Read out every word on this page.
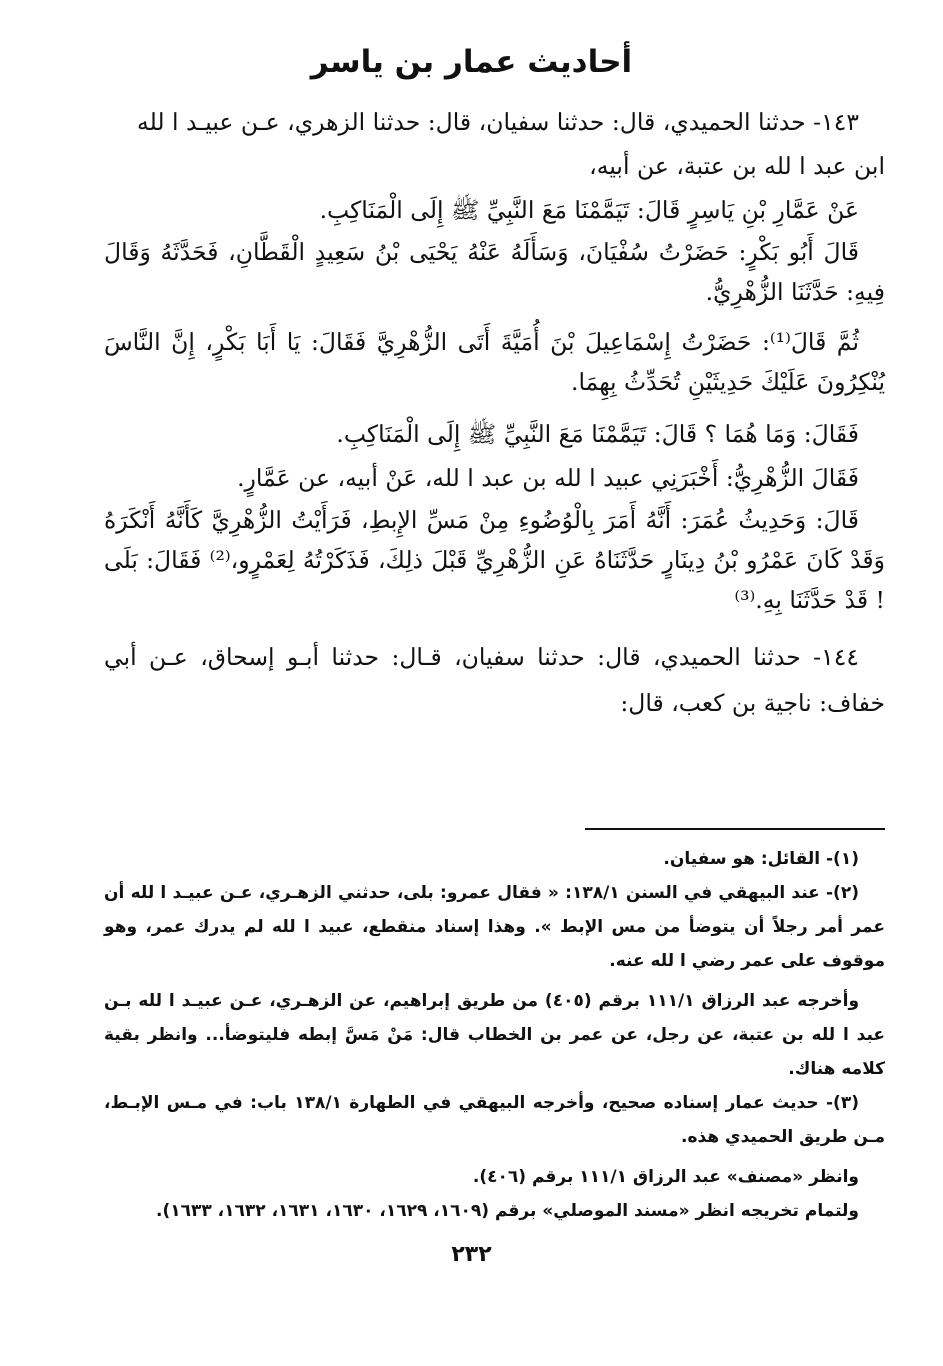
أحاديث عمار بن ياسر

١٤٣- حدثنا الحميدي، قال: حدثنا سفيان، قال: حدثنا الزهري، عـن عبيـد ا لله

ابن عبد ا لله بن عتبة، عن أبيه،

عَنْ عَمَّارِ بْنِ يَاسِرٍ قَالَ: تَيَمَّمْنَا مَعَ النَّبِيِّ ﷺ إِلَى الْمَنَاكِبِ.

قَالَ أَبُو بَكْرٍ: حَضَرْتُ سُفْيَانَ، وَسَأَلَهُ عَنْهُ يَحْيَى بْنُ سَعِيدٍ الْقَطَّانِ، فَحَدَّثَهُ وَقَالَ فِيهِ: حَدَّثَنَا الزُّهْرِيُّ.

ثُمَّ قَالَ⁽¹⁾: حَضَرْتُ إِسْمَاعِيلَ بْنَ أُمَيَّةَ أَتَى الزُّهْرِيَّ فَقَالَ: يَا أَبَا بَكْرٍ، إِنَّ النَّاسَ يُنْكِرُونَ عَلَيْكَ حَدِيثَيْنِ تُحَدِّثُ بِهِمَا.

فَقَالَ: وَمَا هُمَا ؟ قَالَ: تَيَمَّمْنَا مَعَ النَّبِيِّ ﷺ إِلَى الْمَنَاكِبِ.

فَقَالَ الزُّهْرِيُّ: أَخْبَرَنِي عبيد ا لله بن عبد ا لله، عَنْ أبيه، عن عَمَّارٍ.

قَالَ: وَحَدِيثُ عُمَرَ: أَنَّهُ أَمَرَ بِالْوُضُوءِ مِنْ مَسِّ الإِبطِ، فَرَأَيْتُ الزُّهْرِيَّ كَأَنَّهُ أَنْكَرَهُ وَقَدْ كَانَ عَمْرُو بْنُ دِينَارٍ حَدَّثَنَاهُ عَنِ الزُّهْرِيِّ قَبْلَ ذلِكَ، فَذَكَرْتُهُ لِعَمْرٍو،⁽²⁾ فَقَالَ: بَلَى ! قَدْ حَدَّثَنَا بِهِ.⁽³⁾

١٤٤- حدثنا الحميدي، قال: حدثنا سفيان، قـال: حدثنا أبـو إسحاق، عـن أبي خفاف: ناجية بن كعب، قال:

(١)- القائل: هو سفيان.

(٢)- عند البيهقي في السنن ١٣٨/١: « فقال عمرو: بلى، حدثني الزهـري، عـن عبيـد ا لله أن عمر أمر رجلاً أن يتوضأ من مس الإبط ». وهذا إسناد منقطع، عبيد ا لله لم يدرك عمر، وهو موقوف على عمر رضي ا لله عنه.

وأخرجه عبد الرزاق ١١١/١ برقم (٤٠٥) من طريق إبراهيم، عن الزهـري، عـن عبيـد ا لله بـن عبد ا لله بن عتبة، عن رجل، عن عمر بن الخطاب قال: مَنْ مَسَّ إبطه فليتوضأ... وانظر بقية كلامه هناك.

(٣)- حديث عمار إسناده صحيح، وأخرجه البيهقي في الطهارة ١٣٨/١ باب: في مـس الإبـط، مـن طريق الحميدي هذه.

وانظر «مصنف» عبد الرزاق ١١١/١ برقم (٤٠٦).

ولتمام تخريجه انظر «مسند الموصلي» برقم (١٦٠٩، ١٦٢٩، ١٦٣٠، ١٦٣١، ١٦٣٢، ١٦٣٣).

٢٣٢
